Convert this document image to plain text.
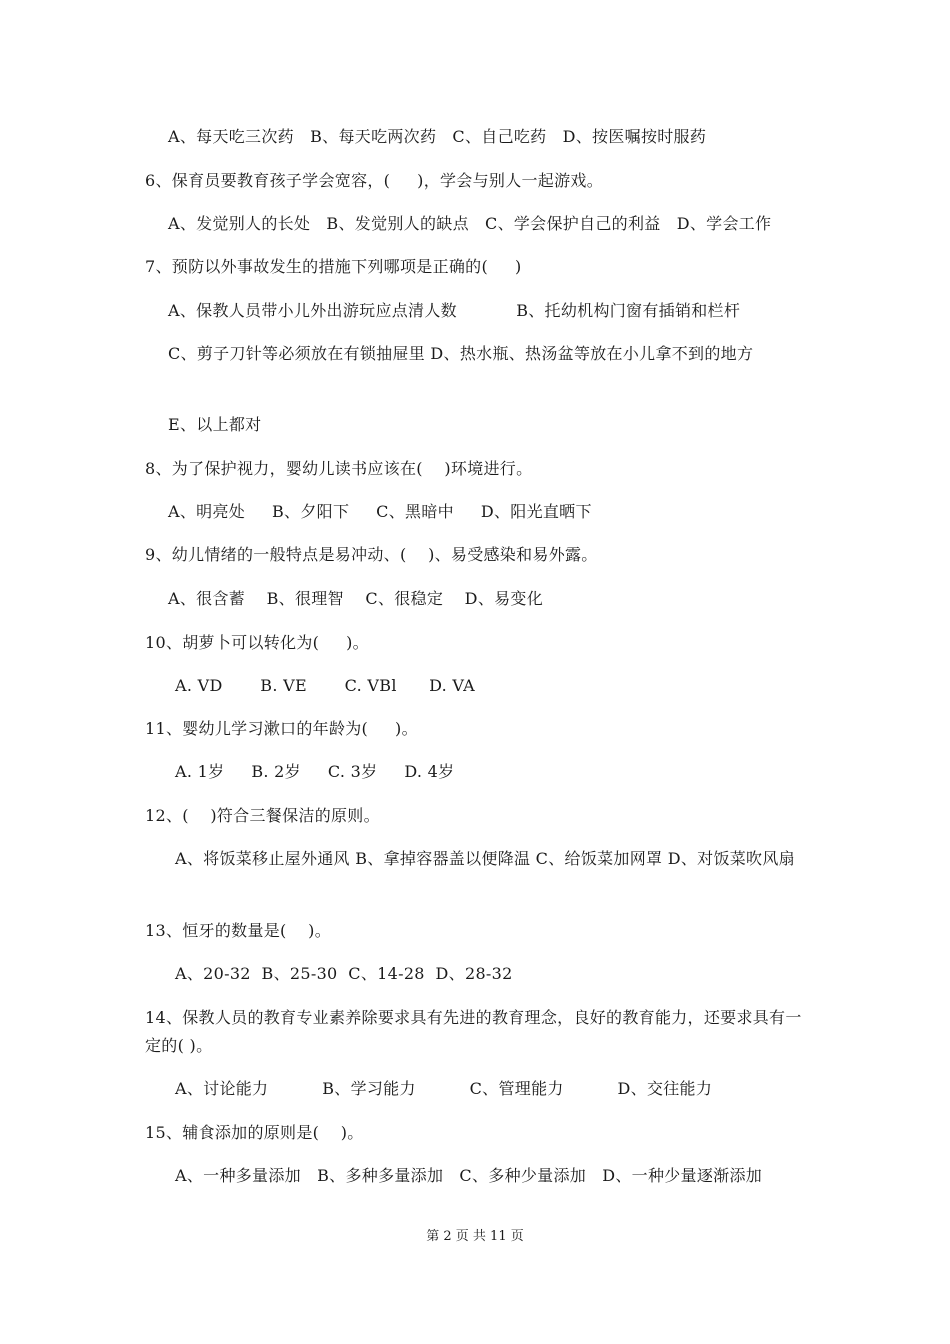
A、每天吃三次药   B、每天吃两次药   C、自己吃药   D、按医嘱按时服药
6、保育员要教育孩子学会宽容，(     )，学会与别人一起游戏。
A、发觉别人的长处   B、发觉别人的缺点   C、学会保护自己的利益   D、学会工作
7、预防以外事故发生的措施下列哪项是正确的(     )
A、保教人员带小儿外出游玩应点清人数           B、托幼机构门窗有插销和栏杆
C、剪子刀针等必须放在有锁抽屉里 D、热水瓶、热汤盆等放在小儿拿不到的地方
E、以上都对
8、为了保护视力，婴幼儿读书应该在(    )环境进行。
A、明亮处     B、夕阳下     C、黑暗中     D、阳光直晒下
9、幼儿情绪的一般特点是易冲动、(    )、易受感染和易外露。
A、很含蓄    B、很理智    C、很稳定    D、易变化
10、胡萝卜可以转化为(     )。
A. VD       B. VE       C. VBl      D. VA
11、婴幼儿学习漱口的年龄为(     )。
A. 1岁     B. 2岁     C. 3岁     D. 4岁
12、(    )符合三餐保洁的原则。
A、将饭菜移止屋外通风 B、拿掉容器盖以便降温 C、给饭菜加网罩 D、对饭菜吹风扇
13、恒牙的数量是(    )。
A、20-32  B、25-30  C、14-28  D、28-32
14、保教人员的教育专业素养除要求具有先进的教育理念，良好的教育能力，还要求具有一定的( )。
A、讨论能力          B、学习能力          C、管理能力          D、交往能力
15、辅食添加的原则是(    )。
A、一种多量添加   B、多种多量添加   C、多种少量添加   D、一种少量逐渐添加
第 2 页 共 11 页
